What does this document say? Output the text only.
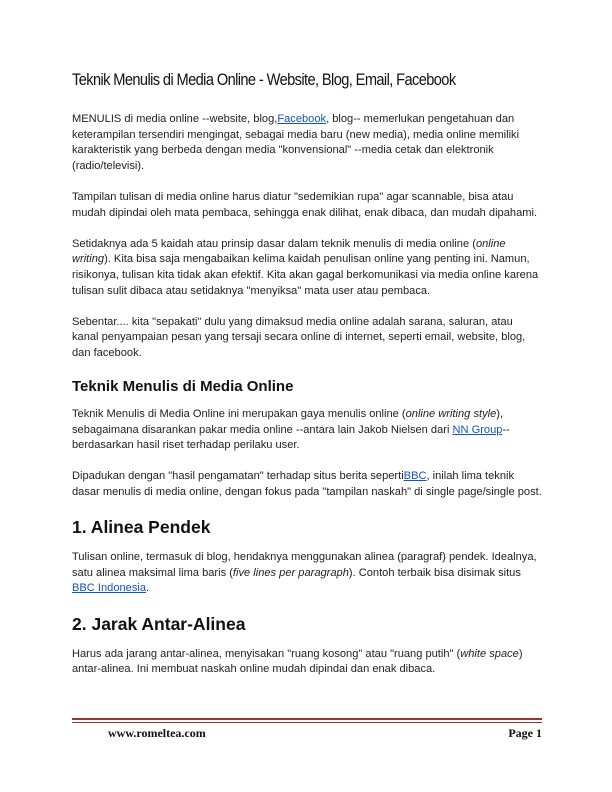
Teknik Menulis di Media Online - Website, Blog, Email, Facebook

MENULIS di media online --website, blog,Facebook, blog-- memerlukan pengetahuan dan keterampilan tersendiri mengingat, sebagai media baru (new media), media online memiliki karakteristik yang berbeda dengan media "konvensional" --media cetak dan elektronik (radio/televisi).

Tampilan tulisan di media online harus diatur "sedemikian rupa" agar scannable, bisa atau mudah dipindai oleh mata pembaca, sehingga enak dilihat, enak dibaca, dan mudah dipahami.

Setidaknya ada 5 kaidah atau prinsip dasar dalam teknik menulis di media online (online writing). Kita bisa saja mengabaikan kelima kaidah penulisan online yang penting ini. Namun, risikonya, tulisan kita tidak akan efektif. Kita akan gagal berkomunikasi via media online karena tulisan sulit dibaca atau setidaknya "menyiksa" mata user atau pembaca.

Sebentar.... kita "sepakati" dulu yang dimaksud media online adalah sarana, saluran, atau kanal penyampaian pesan yang tersaji secara online di internet, seperti email, website, blog, dan facebook.

Teknik Menulis di Media Online

Teknik Menulis di Media Online ini merupakan gaya menulis online (online writing style), sebagaimana disarankan pakar media online --antara lain Jakob Nielsen dari NN Group-- berdasarkan hasil riset terhadap perilaku user.

Dipadukan dengan "hasil pengamatan" terhadap situs berita sepertiBBC, inilah lima teknik dasar menulis di media online, dengan fokus pada "tampilan naskah" di single page/single post.

1. Alinea Pendek

Tulisan online, termasuk di blog, hendaknya menggunakan alinea (paragraf) pendek. Idealnya, satu alinea maksimal lima baris (five lines per paragraph). Contoh terbaik bisa disimak situs BBC Indonesia.

2. Jarak Antar-Alinea

Harus ada jarang antar-alinea, menyisakan "ruang kosong" atau "ruang putih" (white space) antar-alinea. Ini membuat naskah online mudah dipindai dan enak dibaca.

www.romeltea.com	Page 1
